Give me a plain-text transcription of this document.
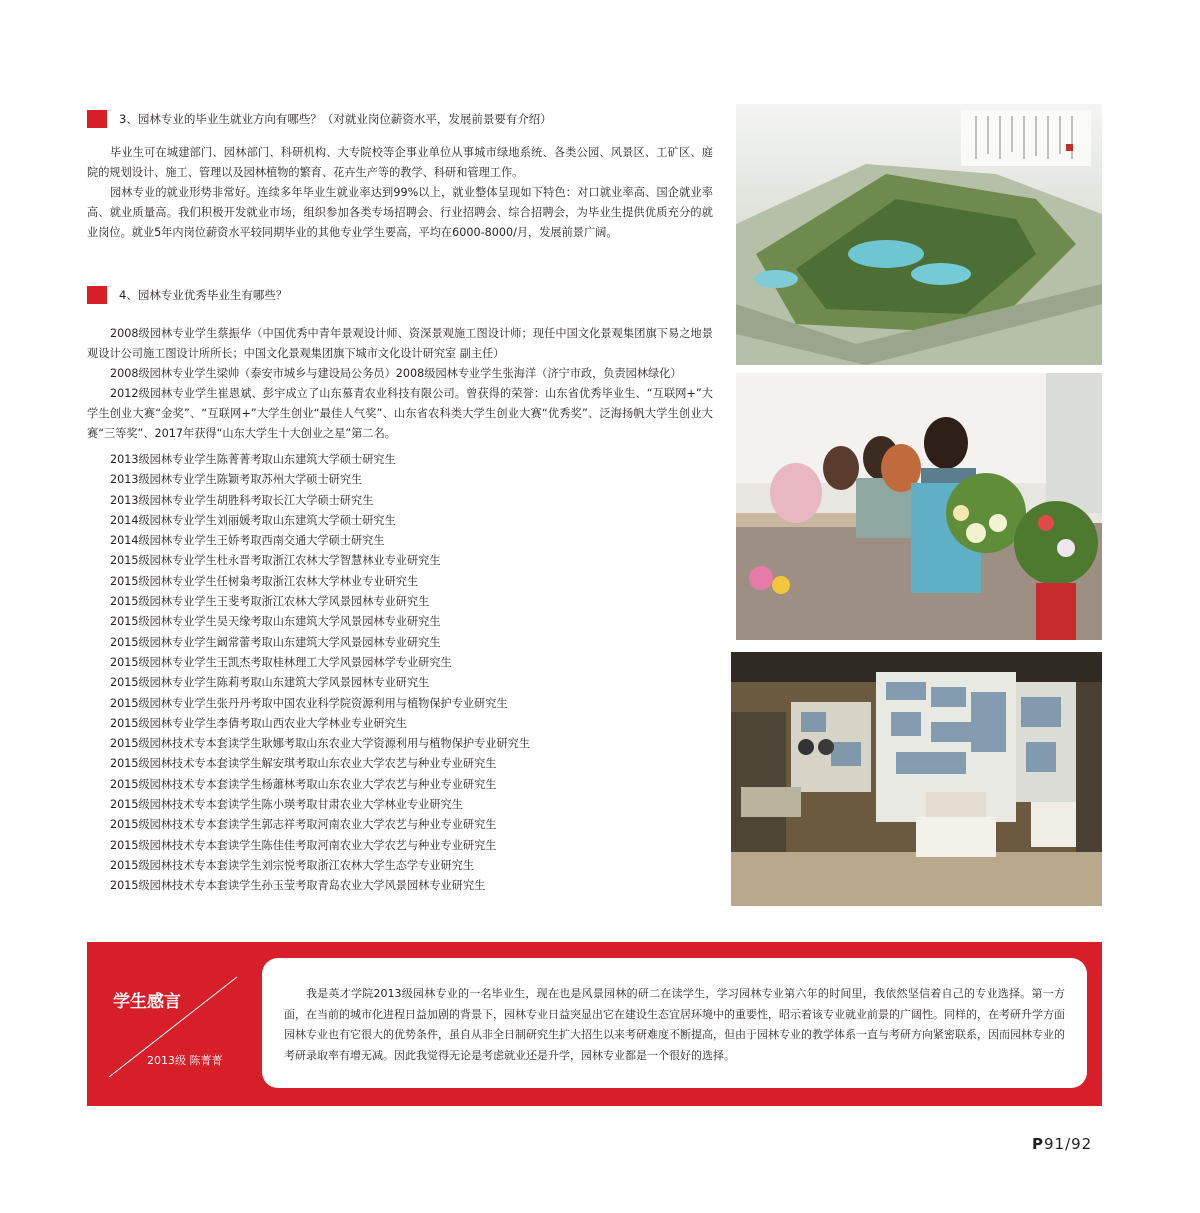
3、园林专业的毕业生就业方向有哪些？（对就业岗位薪资水平，发展前景要有介绍）

毕业生可在城建部门、园林部门、科研机构、大专院校等企事业单位从事城市绿地系统、各类公园、风景区、工矿区、庭院的规划设计、施工、管理以及园林植物的繁育、花卉生产等的教学、科研和管理工作。

园林专业的就业形势非常好。连续多年毕业生就业率达到99%以上，就业整体呈现如下特色：对口就业率高、国企就业率高、就业质量高。我们积极开发就业市场，组织参加各类专场招聘会、行业招聘会、综合招聘会，为毕业生提供优质充分的就业岗位。就业5年内岗位薪资水平较同期毕业的其他专业学生要高，平均在6000-8000/月，发展前景广阔。

4、园林专业优秀毕业生有哪些？

2008级园林专业学生蔡振华（中国优秀中青年景观设计师、资深景观施工图设计师；现任中国文化景观集团旗下易之地景观设计公司施工图设计所所长；中国文化景观集团旗下城市文化设计研究室 副主任）

2008级园林专业学生梁帅（泰安市城乡与建设局公务员）2008级园林专业学生张海洋（济宁市政，负责园林绿化）

2012级园林专业学生崔恩斌、彭宇成立了山东慕青农业科技有限公司。曾获得的荣誉：山东省优秀毕业生、“互联网+”大学生创业大赛“金奖”、“互联网+”大学生创业“最佳人气奖”、山东省农科类大学生创业大赛“优秀奖”、泛海扬帆大学生创业大赛“三等奖”、2017年获得“山东大学生十大创业之星”第二名。

2013级园林专业学生陈菁菁考取山东建筑大学硕士研究生
2013级园林专业学生陈颖考取苏州大学硕士研究生
2013级园林专业学生胡胜科考取长江大学硕士研究生
2014级园林专业学生刘丽媛考取山东建筑大学硕士研究生
2014级园林专业学生王娇考取西南交通大学硕士研究生
2015级园林专业学生杜永晋考取浙江农林大学智慧林业专业研究生
2015级园林专业学生任树枭考取浙江农林大学林业专业研究生
2015级园林专业学生王斐考取浙江农林大学风景园林专业研究生
2015级园林专业学生吴天缘考取山东建筑大学风景园林专业研究生
2015级园林专业学生阚常蕾考取山东建筑大学风景园林专业研究生
2015级园林专业学生王凯杰考取桂林理工大学风景园林学专业研究生
2015级园林专业学生陈莉考取山东建筑大学风景园林专业研究生
2015级园林专业学生张丹丹考取中国农业科学院资源利用与植物保护专业研究生
2015级园林专业学生李倩考取山西农业大学林业专业研究生
2015级园林技术专本套读学生耿娜考取山东农业大学资源利用与植物保护专业研究生
2015级园林技术专本套读学生解安琪考取山东农业大学农艺与种业专业研究生
2015级园林技术专本套读学生杨蕭林考取山东农业大学农艺与种业专业研究生
2015级园林技术专本套读学生陈小瑛考取甘肃农业大学林业专业研究生
2015级园林技术专本套读学生郭志祥考取河南农业大学农艺与种业专业研究生
2015级园林技术专本套读学生陈佳佳考取河南农业大学农艺与种业专业研究生
2015级园林技术专本套读学生刘宗悦考取浙江农林大学生态学专业研究生
2015级园林技术专本套读学生孙玉莹考取青岛农业大学风景园林专业研究生
学生感言
2013级 陈菁菁
我是英才学院2013级园林专业的一名毕业生，现在也是风景园林的研二在读学生，学习园林专业第六年的时间里，我依然坚信着自己的专业选择。第一方面，在当前的城市化进程日益加剧的背景下，园林专业日益突显出它在建设生态宜居环境中的重要性，昭示着该专业就业前景的广阔性。同样的，在考研升学方面园林专业也有它很大的优势条件，虽自从非全日制研究生扩大招生以来考研难度不断提高，但由于园林专业的教学体系一直与考研方向紧密联系，因而园林专业的考研录取率有增无减。因此我觉得无论是考虑就业还是升学，园林专业都是一个很好的选择。
P91/92
